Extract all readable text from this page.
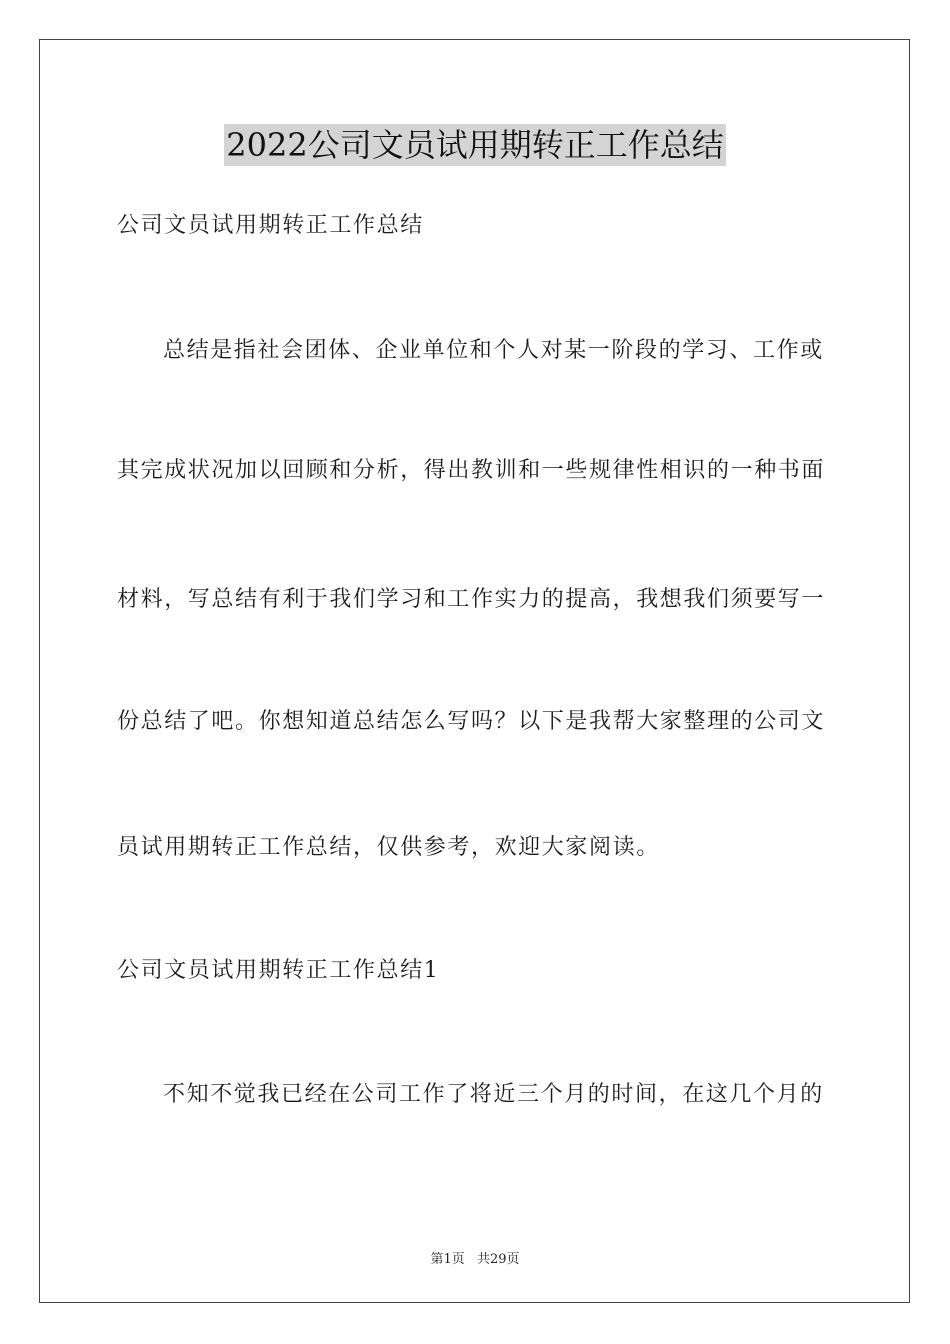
2022公司文员试用期转正工作总结
公司文员试用期转正工作总结
总结是指社会团体、企业单位和个人对某一阶段的学习、工作或
其完成状况加以回顾和分析，得出教训和一些规律性相识的一种书面
材料，写总结有利于我们学习和工作实力的提高，我想我们须要写一
份总结了吧。你想知道总结怎么写吗？以下是我帮大家整理的公司文
员试用期转正工作总结，仅供参考，欢迎大家阅读。
公司文员试用期转正工作总结1
不知不觉我已经在公司工作了将近三个月的时间，在这几个月的
第1页 共29页
